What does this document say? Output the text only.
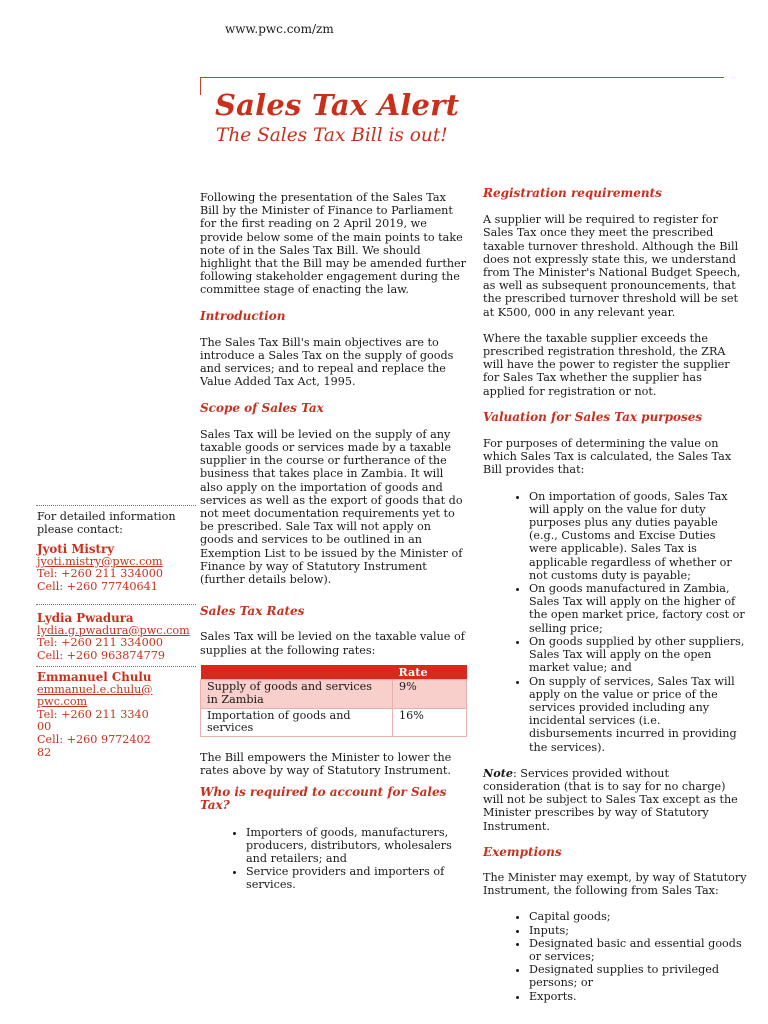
www.pwc.com/zm
Sales Tax Alert
The Sales Tax Bill is out!

Following the presentation of the Sales Tax Bill by the Minister of Finance to Parliament for the first reading on 2 April 2019, we provide below some of the main points to take note of in the Sales Tax Bill. We should highlight that the Bill may be amended further following stakeholder engagement during the committee stage of enacting the law.

Introduction

The Sales Tax Bill's main objectives are to introduce a Sales Tax on the supply of goods and services; and to repeal and replace the Value Added Tax Act, 1995.

Scope of Sales Tax

Sales Tax will be levied on the supply of any taxable goods or services made by a taxable supplier in the course or furtherance of the business that takes place in Zambia. It will also apply on the importation of goods and services as well as the export of goods that do not meet documentation requirements yet to be prescribed. Sale Tax will not apply on goods and services to be outlined in an Exemption List to be issued by the Minister of Finance by way of Statutory Instrument (further details below).

Sales Tax Rates

Sales Tax will be levied on the taxable value of supplies at the following rates:

	Rate
Supply of goods and services in Zambia	9%
Importation of goods and services	16%

The Bill empowers the Minister to lower the rates above by way of Statutory Instrument.

Who is required to account for Sales Tax?

• Importers of goods, manufacturers, producers, distributors, wholesalers and retailers; and
• Service providers and importers of services.

Registration requirements

A supplier will be required to register for Sales Tax once they meet the prescribed taxable turnover threshold. Although the Bill does not expressly state this, we understand from The Minister's National Budget Speech, as well as subsequent pronouncements, that the prescribed turnover threshold will be set at K500, 000 in any relevant year.

Where the taxable supplier exceeds the prescribed registration threshold, the ZRA will have the power to register the supplier for Sales Tax whether the supplier has applied for registration or not.

Valuation for Sales Tax purposes

For purposes of determining the value on which Sales Tax is calculated, the Sales Tax Bill provides that:

• On importation of goods, Sales Tax will apply on the value for duty purposes plus any duties payable (e.g., Customs and Excise Duties were applicable). Sales Tax is applicable regardless of whether or not customs duty is payable;
• On goods manufactured in Zambia, Sales Tax will apply on the higher of the open market price, factory cost or selling price;
• On goods supplied by other suppliers, Sales Tax will apply on the open market value; and
• On supply of services, Sales Tax will apply on the value or price of the services provided including any incidental services (i.e. disbursements incurred in providing the services).

Note: Services provided without consideration (that is to say for no charge) will not be subject to Sales Tax except as the Minister prescribes by way of Statutory Instrument.

Exemptions

The Minister may exempt, by way of Statutory Instrument, the following from Sales Tax:

• Capital goods;
• Inputs;
• Designated basic and essential goods or services;
• Designated supplies to privileged persons; or
• Exports.
For detailed information please contact:
Jyoti Mistry
jyoti.mistry@pwc.com
Tel: +260 211 334000
Cell: +260 77740641
Lydia Pwadura
lydia.g.pwadura@pwc.com
Tel: +260 211 334000
Cell: +260 963874779
Emmanuel Chulu
emmanuel.e.chulu@pwc.com
Tel: +260 211 334000
Cell: +260 977240282
